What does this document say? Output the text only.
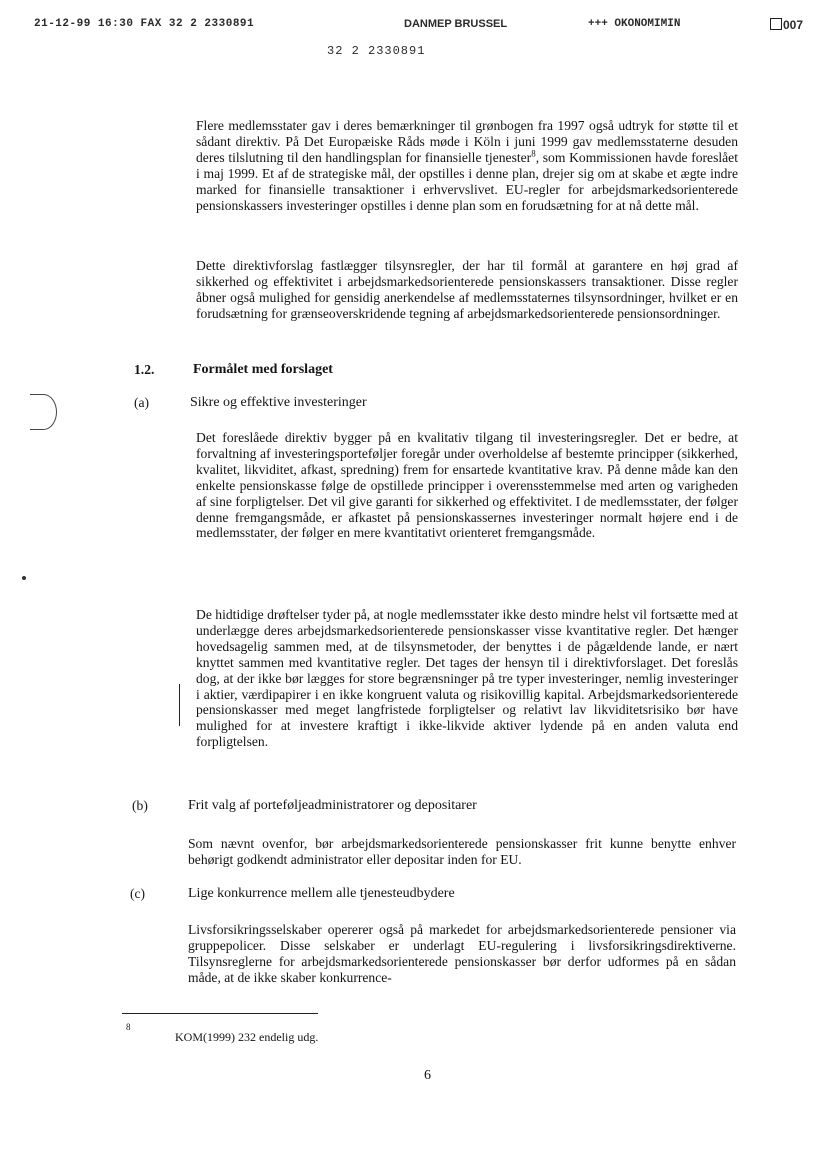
21-12-99 16:30 FAX 32 2 2330891	DANMEP BRUSSEL	+++ OKONOMIMIN	007
32 2 2330891

Flere medlemsstater gav i deres bemærkninger til grønbogen fra 1997 også udtryk for støtte til et sådant direktiv. På Det Europæiske Råds møde i Köln i juni 1999 gav medlemsstaterne desuden deres tilslutning til den handlingsplan for finansielle tjenester$^8$, som Kommissionen havde foreslået i maj 1999. Et af de strategiske mål, der opstilles i denne plan, drejer sig om at skabe et ægte indre marked for finansielle transaktioner i erhvervslivet. EU-regler for arbejdsmarkedsorienterede pensionskassers investeringer opstilles i denne plan som en forudsætning for at nå dette mål.

Dette direktivforslag fastlægger tilsynsregler, der har til formål at garantere en høj grad af sikkerhed og effektivitet i arbejdsmarkedsorienterede pensionskassers transaktioner. Disse regler åbner også mulighed for gensidig anerkendelse af medlemsstaternes tilsynsordninger, hvilket er en forudsætning for grænseoverskridende tegning af arbejdsmarkedsorienterede pensionsordninger.

1.2.	Formålet med forslaget
(a)	Sikre og effektive investeringer

Det foreslåede direktiv bygger på en kvalitativ tilgang til investeringsregler. Det er bedre, at forvaltning af investeringsporteføljer foregår under overholdelse af bestemte principper (sikkerhed, kvalitet, likviditet, afkast, spredning) frem for ensartede kvantitative krav. På denne måde kan den enkelte pensionskasse følge de opstillede principper i overensstemmelse med arten og varigheden af sine forpligtelser. Det vil give garanti for sikkerhed og effektivitet. I de medlemsstater, der følger denne fremgangsmåde, er afkastet på pensionskassernes investeringer normalt højere end i de medlemsstater, der følger en mere kvantitativt orienteret fremgangsmåde.

De hidtidige drøftelser tyder på, at nogle medlemsstater ikke desto mindre helst vil fortsætte med at underlægge deres arbejdsmarkedsorienterede pensionskasser visse kvantitative regler. Det hænger hovedsagelig sammen med, at de tilsynsmetoder, der benyttes i de pågældende lande, er nært knyttet sammen med kvantitative regler. Det tages der hensyn til i direktivforslaget. Det foreslås dog, at der ikke bør lægges for store begrænsninger på tre typer investeringer, nemlig investeringer i aktier, værdipapirer i en ikke kongruent valuta og risikovillig kapital. Arbejdsmarkedsorienterede pensionskasser med meget langfristede forpligtelser og relativt lav likviditetsrisiko bør have mulighed for at investere kraftigt i ikke-likvide aktiver lydende på en anden valuta end forpligtelsen.

(b)	Frit valg af porteføljeadministratorer og depositarer

Som nævnt ovenfor, bør arbejdsmarkedsorienterede pensionskasser frit kunne benytte enhver behørigt godkendt administrator eller depositar inden for EU.

(c)	Lige konkurrence mellem alle tjenesteudbydere

Livsforsikringsselskaber opererer også på markedet for arbejdsmarkedsorienterede pensioner via gruppepolicer. Disse selskaber er underlagt EU-regulering i livsforsikringsdirektiverne. Tilsynsreglerne for arbejdsmarkedsorienterede pensionskasser bør derfor udformes på en sådan måde, at de ikke skaber konkurrence-

8
KOM(1999) 232 endelig udg.
6
